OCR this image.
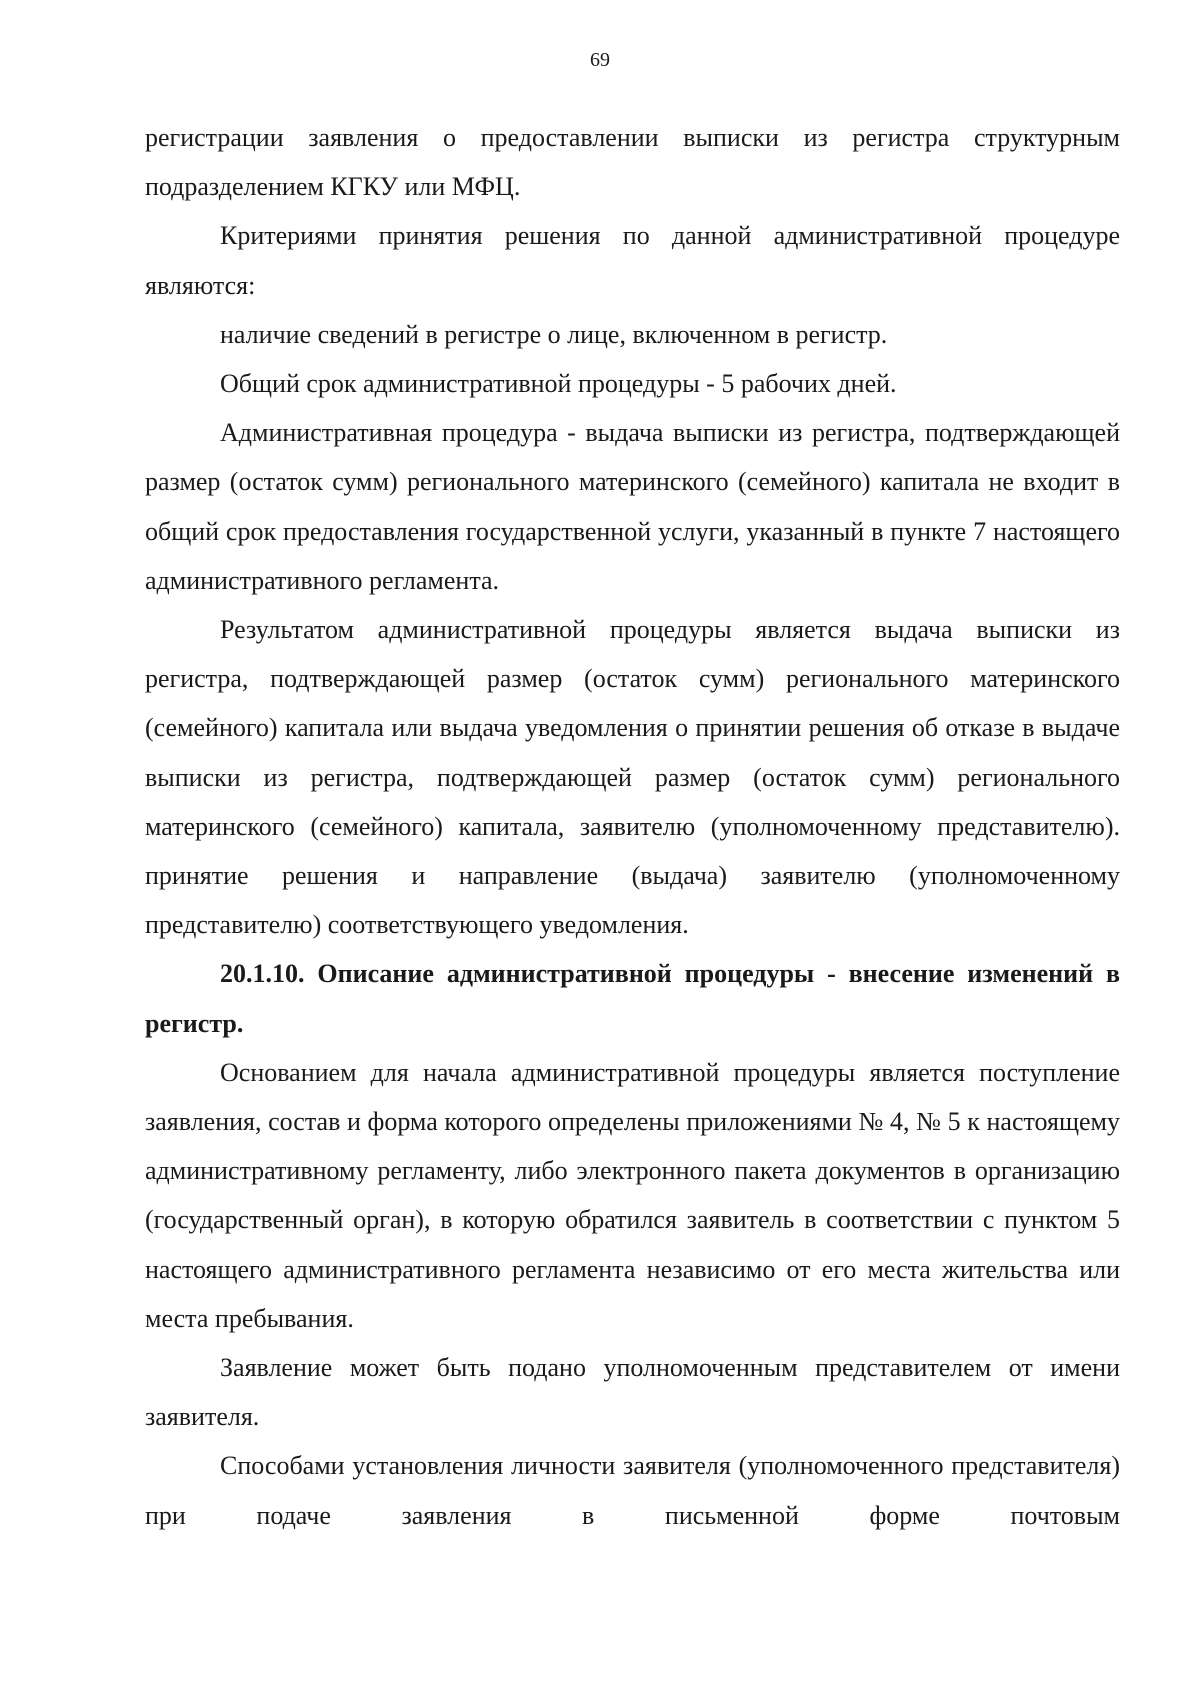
69

регистрации заявления о предоставлении выписки из регистра структурным подразделением КГКУ или МФЦ.

Критериями принятия решения по данной административной процедуре являются:

наличие сведений в регистре о лице, включенном в регистр.

Общий срок административной процедуры - 5 рабочих дней.

Административная процедура - выдача выписки из регистра, подтверждающей размер (остаток сумм) регионального материнского (семейного) капитала не входит в общий срок предоставления государственной услуги, указанный в пункте 7 настоящего административного регламента.

Результатом административной процедуры является выдача выписки из регистра, подтверждающей размер (остаток сумм) регионального материнского (семейного) капитала или выдача уведомления о принятии решения об отказе в выдаче выписки из регистра, подтверждающей размер (остаток сумм) регионального материнского (семейного) капитала, заявителю (уполномоченному представителю). принятие решения и направление (выдача) заявителю (уполномоченному представителю) соответствующего уведомления.

20.1.10. Описание административной процедуры - внесение изменений в регистр.

Основанием для начала административной процедуры является поступление заявления, состав и форма которого определены приложениями № 4, № 5 к настоящему административному регламенту, либо электронного пакета документов в организацию (государственный орган), в которую обратился заявитель в соответствии с пунктом 5 настоящего административного регламента независимо от его места жительства или места пребывания.

Заявление может быть подано уполномоченным представителем от имени заявителя.

Способами установления личности заявителя (уполномоченного представителя) при подаче заявления в письменной форме почтовым
